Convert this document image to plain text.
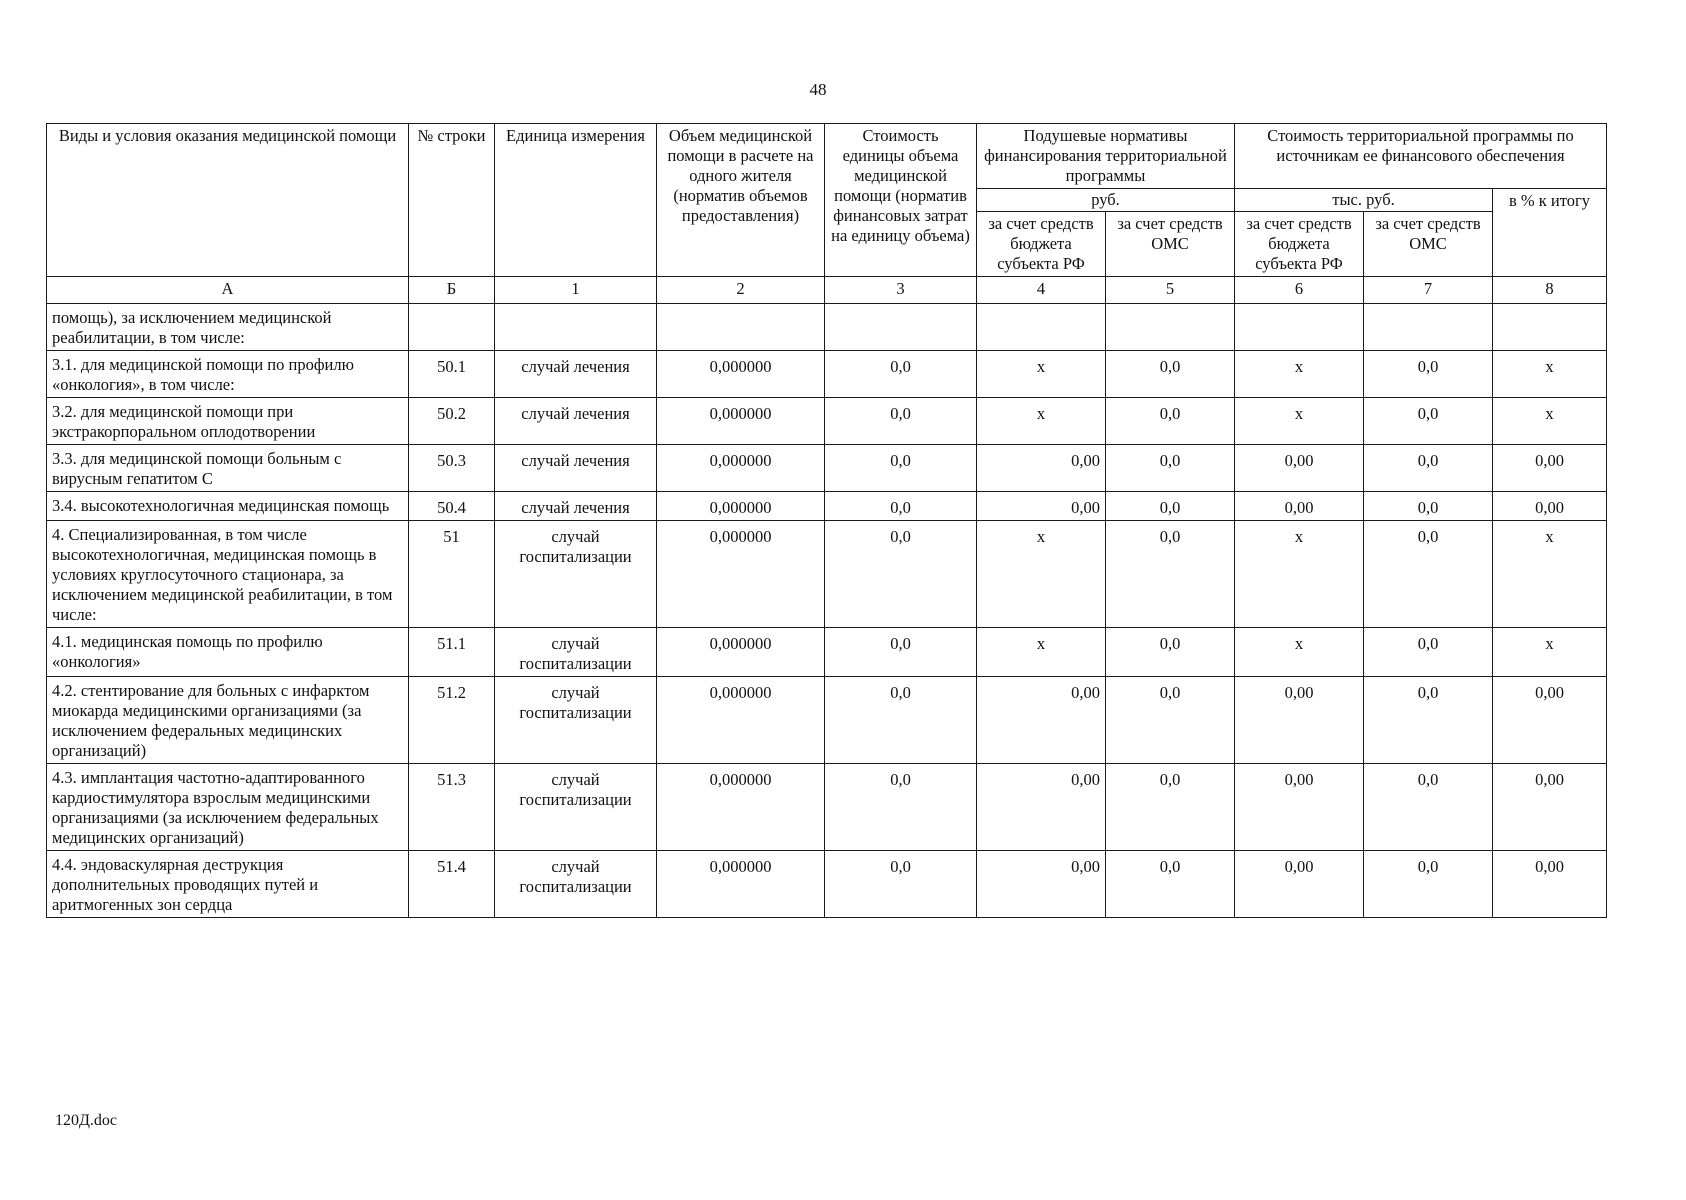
48
Виды и условия оказания медицинской помощи	№ строки	Единица измерения	Объем медицинской помощи в расчете на одного жителя (норматив объемов предоставления)	Стоимость единицы объема медицинской помощи (норматив финансовых затрат на единицу объема)	Подушевые нормативы финансирования территориальной программы		Стоимость территориальной программы по источникам ее финансового обеспечения		
					руб.		тыс. руб.		в % к итогу
					за счет средств бюджета субъекта РФ	за счет средств ОМС	за счет средств бюджета субъекта РФ	за счет средств ОМС	
А	Б	1	2	3	4	5	6	7	8
помощь), за исключением медицинской реабилитации, в том числе:									
3.1. для медицинской помощи по профилю «онкология», в том числе:	50.1	случай лечения	0,000000	0,0	х	0,0	х	0,0	х
3.2. для медицинской помощи при экстракорпоральном оплодотворении	50.2	случай лечения	0,000000	0,0	х	0,0	х	0,0	х
3.3. для медицинской помощи больным с вирусным гепатитом С	50.3	случай лечения	0,000000	0,0	0,00	0,0	0,00	0,0	0,00
3.4. высокотехнологичная медицинская помощь	50.4	случай лечения	0,000000	0,0	0,00	0,0	0,00	0,0	0,00
4. Специализированная, в том числе высокотехнологичная, медицинская помощь в условиях круглосуточного стационара, за исключением медицинской реабилитации, в том числе:	51	случай госпитализации	0,000000	0,0	х	0,0	х	0,0	х
4.1. медицинская помощь по профилю «онкология»	51.1	случай госпитализации	0,000000	0,0	х	0,0	х	0,0	х
4.2. стентирование для больных с инфарктом миокарда медицинскими организациями (за исключением федеральных медицинских организаций)	51.2	случай госпитализации	0,000000	0,0	0,00	0,0	0,00	0,0	0,00
4.3. имплантация частотно-адаптированного кардиостимулятора взрослым медицинскими организациями (за исключением федеральных медицинских организаций)	51.3	случай госпитализации	0,000000	0,0	0,00	0,0	0,00	0,0	0,00
4.4. эндоваскулярная деструкция дополнительных проводящих путей и аритмогенных зон сердца	51.4	случай госпитализации	0,000000	0,0	0,00	0,0	0,00	0,0	0,00
120Д.doc
